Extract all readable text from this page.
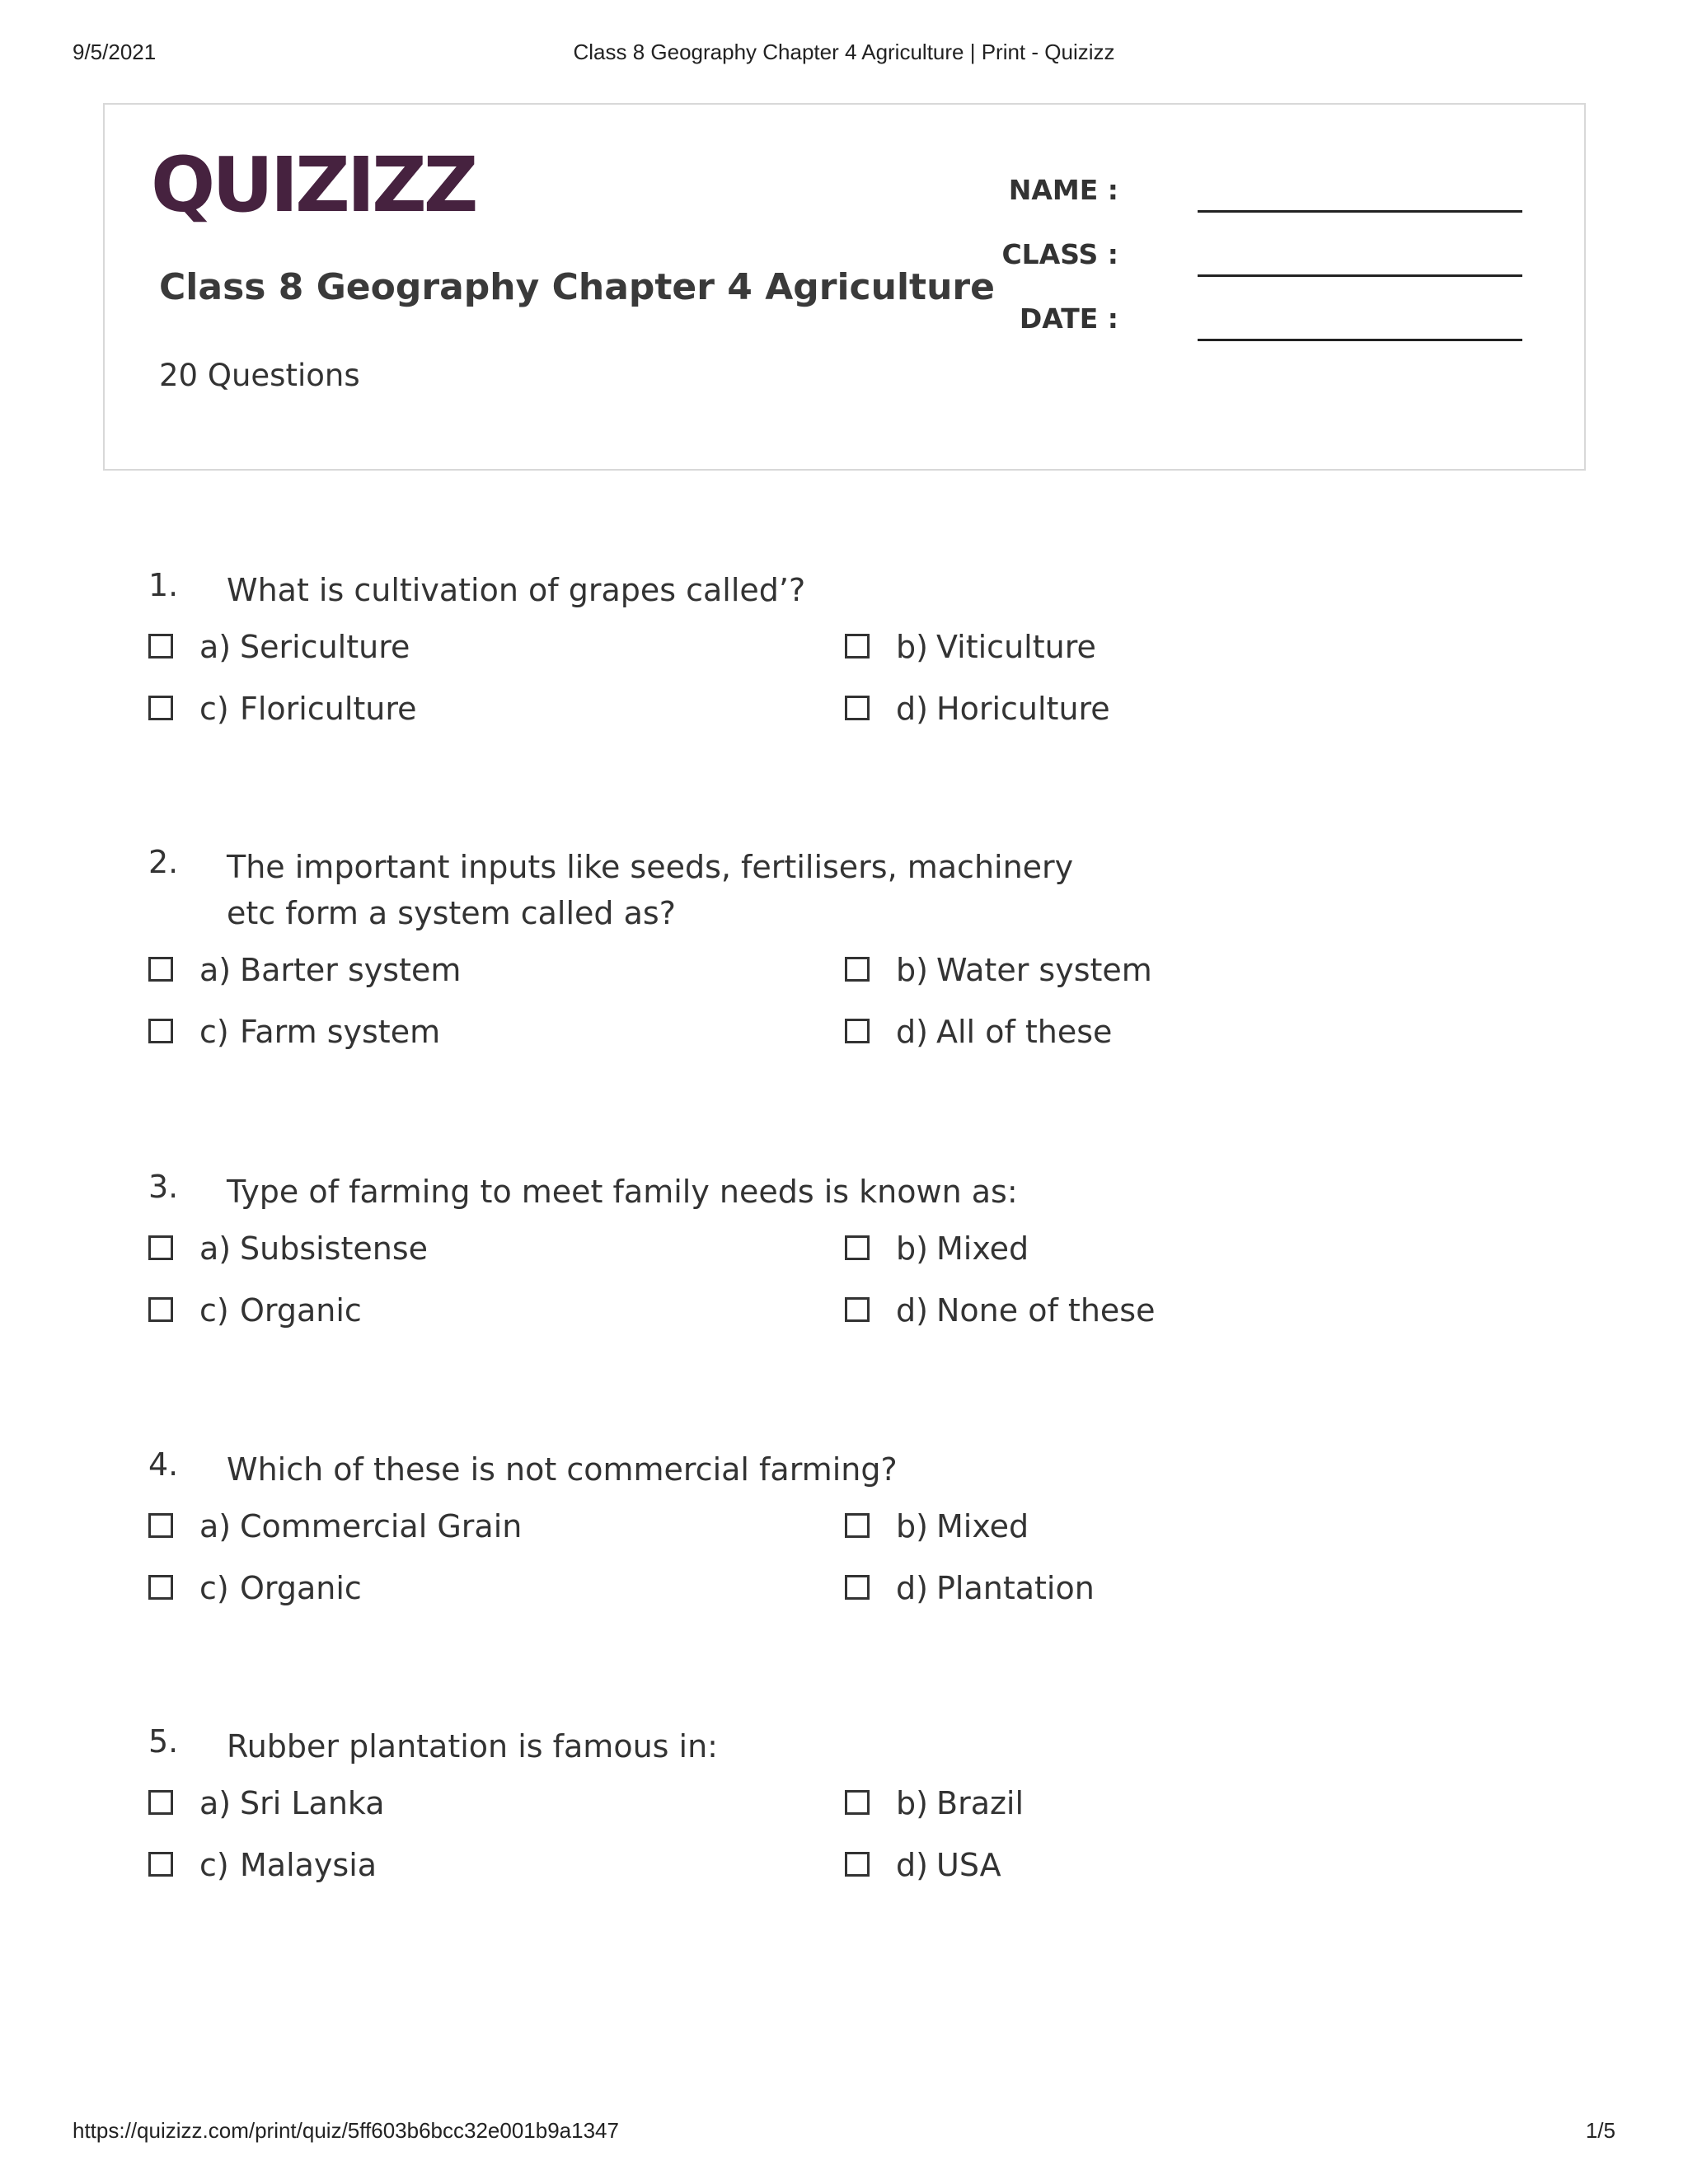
9/5/2021	Class 8 Geography Chapter 4 Agriculture | Print - Quizizz
QUIZIZZ
Class 8 Geography Chapter 4 Agriculture
20 Questions
NAME :
CLASS :
DATE :
1. What is cultivation of grapes called’?
a) Sericulture	b) Viticulture
c) Floriculture	d) Horiculture
2. The important inputs like seeds, fertilisers, machinery
etc form a system called as?
a) Barter system	b) Water system
c) Farm system	d) All of these
3. Type of farming to meet family needs is known as:
a) Subsistense	b) Mixed
c) Organic	d) None of these
4. Which of these is not commercial farming?
a) Commercial Grain	b) Mixed
c) Organic	d) Plantation
5. Rubber plantation is famous in:
a) Sri Lanka	b) Brazil
c) Malaysia	d) USA
https://quizizz.com/print/quiz/5ff603b6bcc32e001b9a1347	1/5
